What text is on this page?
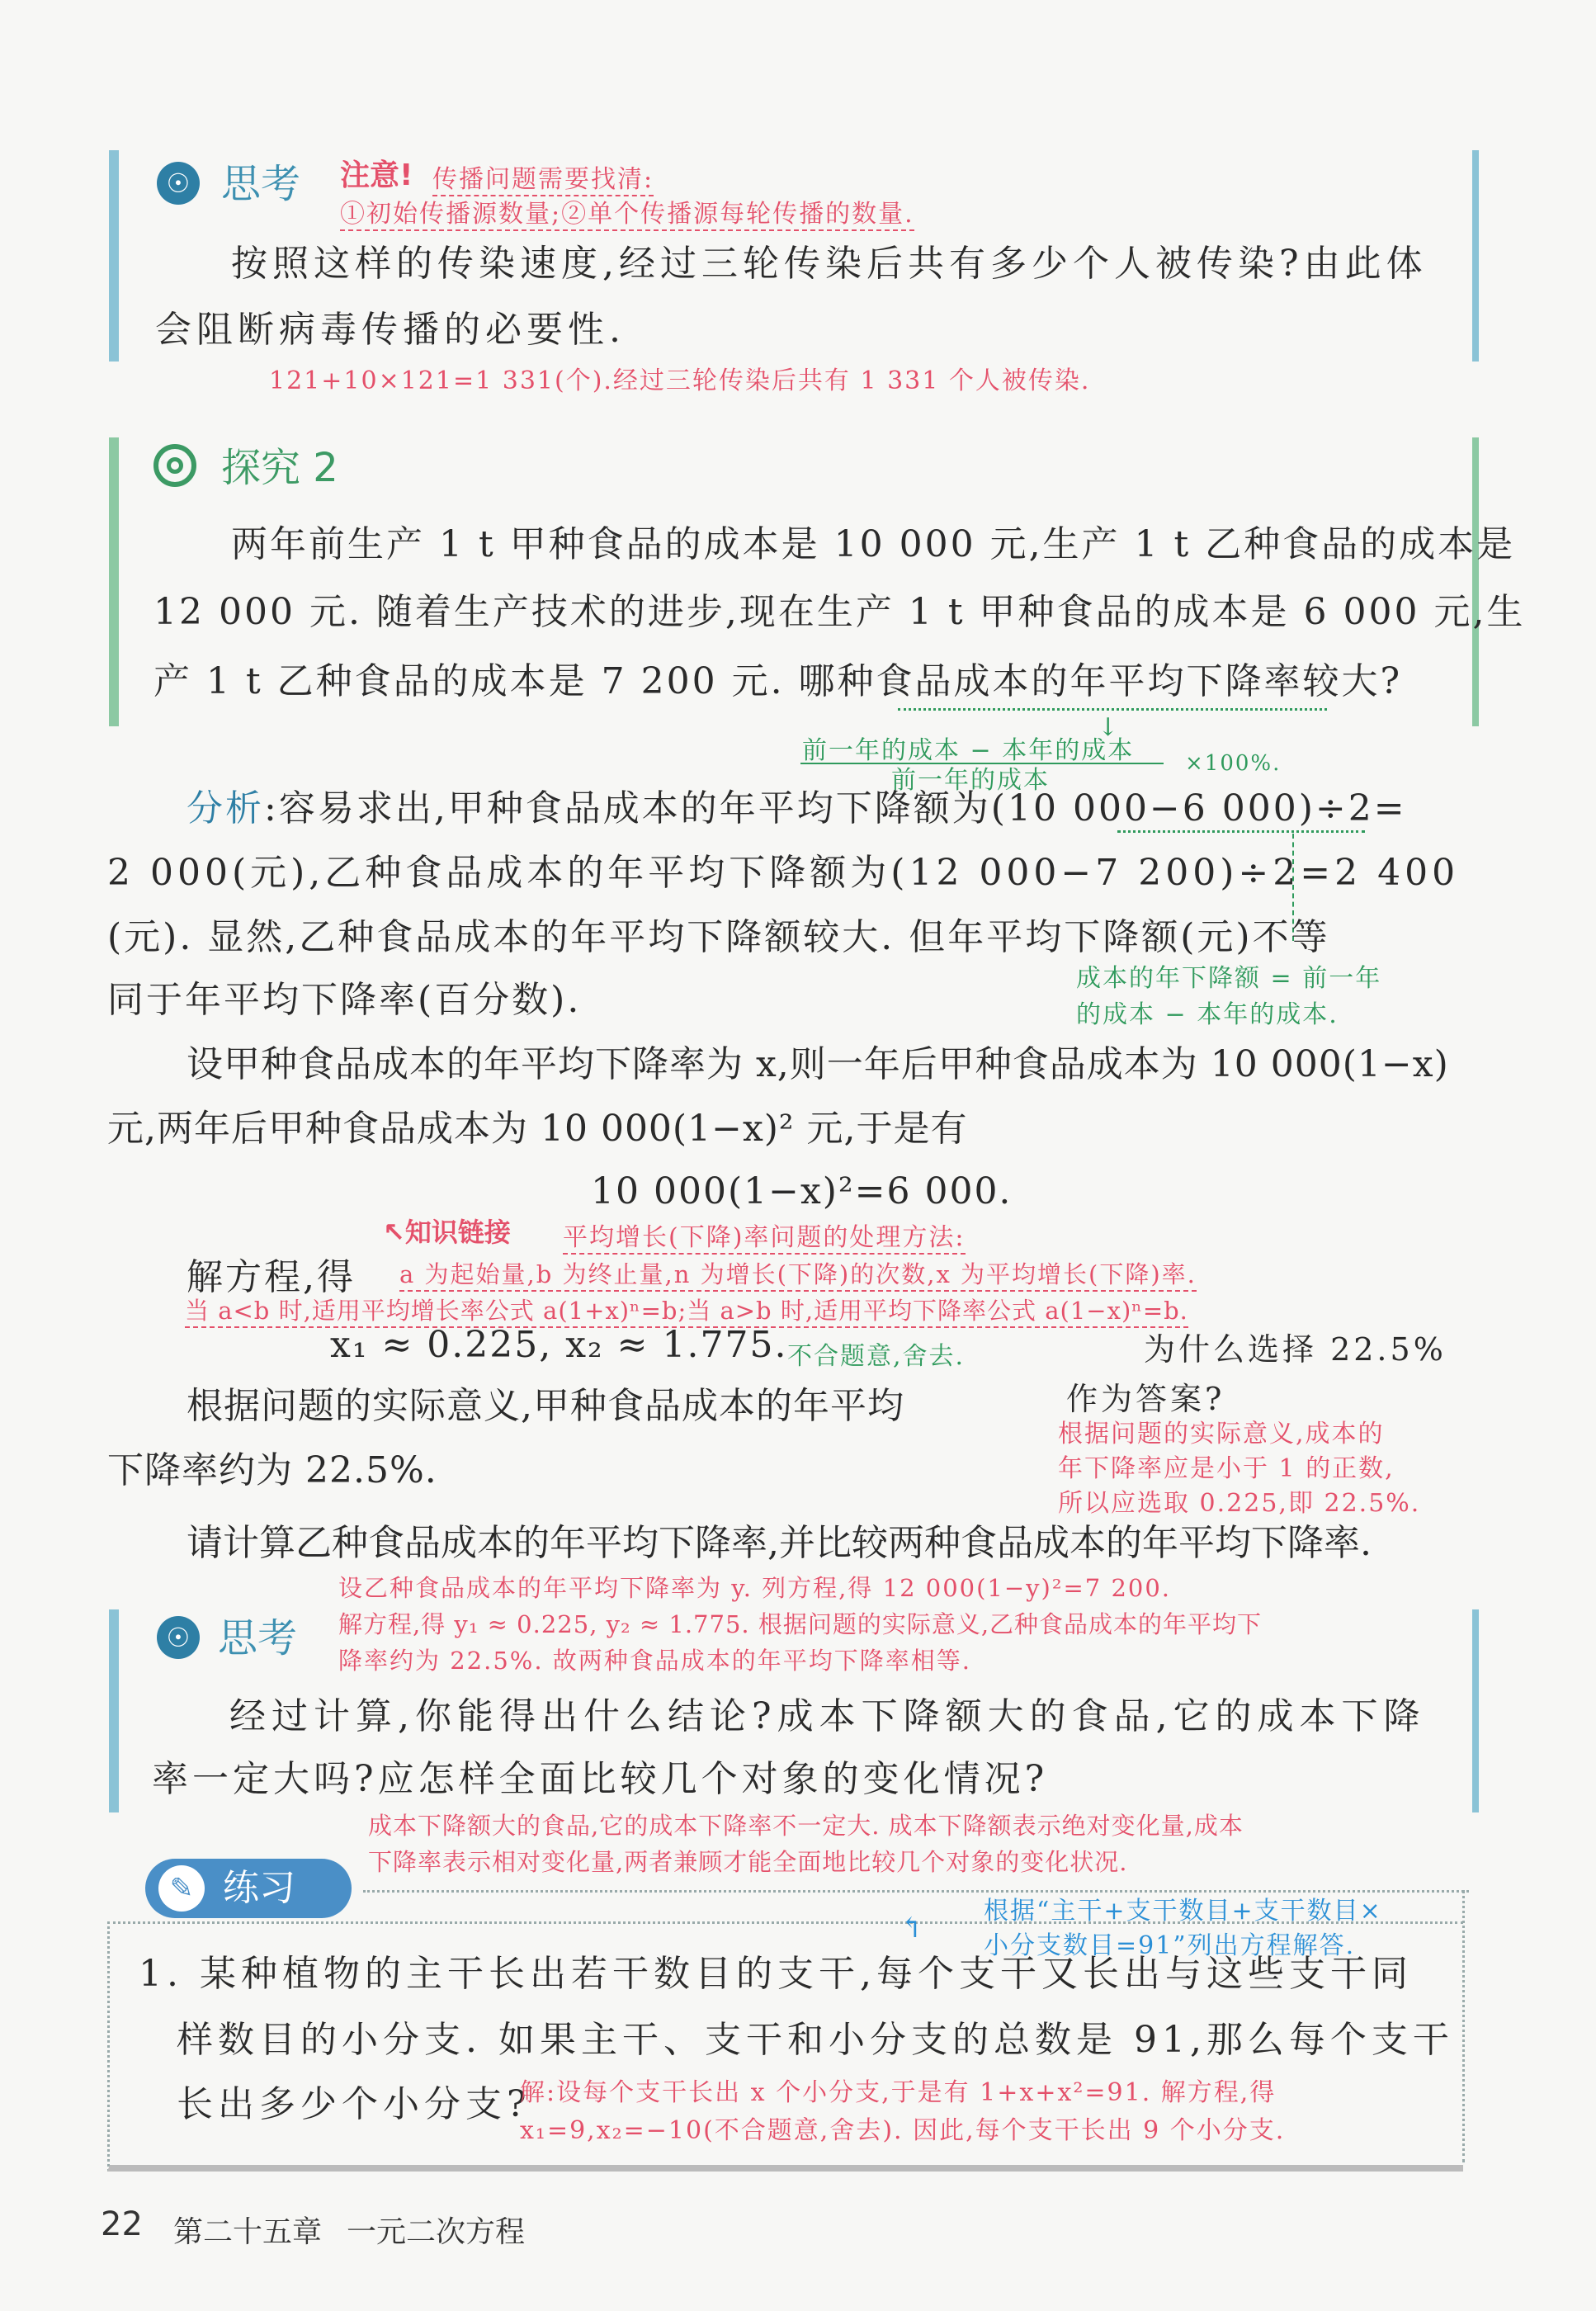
☉ 思考 注意! 传播问题需要找清:
①初始传播源数量;②单个传播源每轮传播的数量.
按照这样的传染速度,经过三轮传染后共有多少个人被传染?由此体
会阻断病毒传播的必要性.
121+10×121=1 331(个).经过三轮传染后共有 1 331 个人被传染.
探究 2
两年前生产 1 t 甲种食品的成本是 10 000 元,生产 1 t 乙种食品的成本是
12 000 元. 随着生产技术的进步,现在生产 1 t 甲种食品的成本是 6 000 元,生
产 1 t 乙种食品的成本是 7 200 元. 哪种食品成本的年平均下降率较大?
↓
前一年的成本 − 本年的成本
前一年的成本
×100%.
分析:容易求出,甲种食品成本的年平均下降额为(10 000−6 000)÷2=
2 000(元),乙种食品成本的年平均下降额为(12 000−7 200)÷2=2 400
(元). 显然,乙种食品成本的年平均下降额较大. 但年平均下降额(元)不等
同于年平均下降率(百分数).
成本的年下降额 = 前一年
的成本 − 本年的成本.
设甲种食品成本的年平均下降率为 x,则一年后甲种食品成本为 10 000(1−x)
元,两年后甲种食品成本为 10 000(1−x)² 元,于是有
10 000(1−x)²=6 000.
↖知识链接 平均增长(下降)率问题的处理方法:
解方程,得 a 为起始量,b 为终止量,n 为增长(下降)的次数,x 为平均增长(下降)率.
当 a<b 时,适用平均增长率公式 a(1+x)ⁿ=b;当 a>b 时,适用平均下降率公式 a(1−x)ⁿ=b.
x₁ ≈ 0.225, x₂ ≈ 1.775. 不合题意,舍去.	为什么选择 22.5%
作为答案?
根据问题的实际意义,成本的
年下降率应是小于 1 的正数,
所以应选取 0.225,即 22.5%.
根据问题的实际意义,甲种食品成本的年平均
下降率约为 22.5%.
请计算乙种食品成本的年平均下降率,并比较两种食品成本的年平均下降率.
设乙种食品成本的年平均下降率为 y. 列方程,得 12 000(1−y)²=7 200.
解方程,得 y₁ ≈ 0.225, y₂ ≈ 1.775. 根据问题的实际意义,乙种食品成本的年平均下
降率约为 22.5%. 故两种食品成本的年平均下降率相等.
☉ 思考
经过计算,你能得出什么结论?成本下降额大的食品,它的成本下降
率一定大吗?应怎样全面比较几个对象的变化情况?
成本下降额大的食品,它的成本下降率不一定大. 成本下降额表示绝对变化量,成本
下降率表示相对变化量,两者兼顾才能全面地比较几个对象的变化状况.
✎ 练习
↰
根据“主干+支干数目+支干数目×
小分支数目=91”列出方程解答.
1. 某种植物的主干长出若干数目的支干,每个支干又长出与这些支干同
样数目的小分支. 如果主干、支干和小分支的总数是 91,那么每个支干
长出多少个小分支?
解:设每个支干长出 x 个小分支,于是有 1+x+x²=91. 解方程,得
x₁=9,x₂=−10(不合题意,舍去). 因此,每个支干长出 9 个小分支.
22 第二十五章 一元二次方程
